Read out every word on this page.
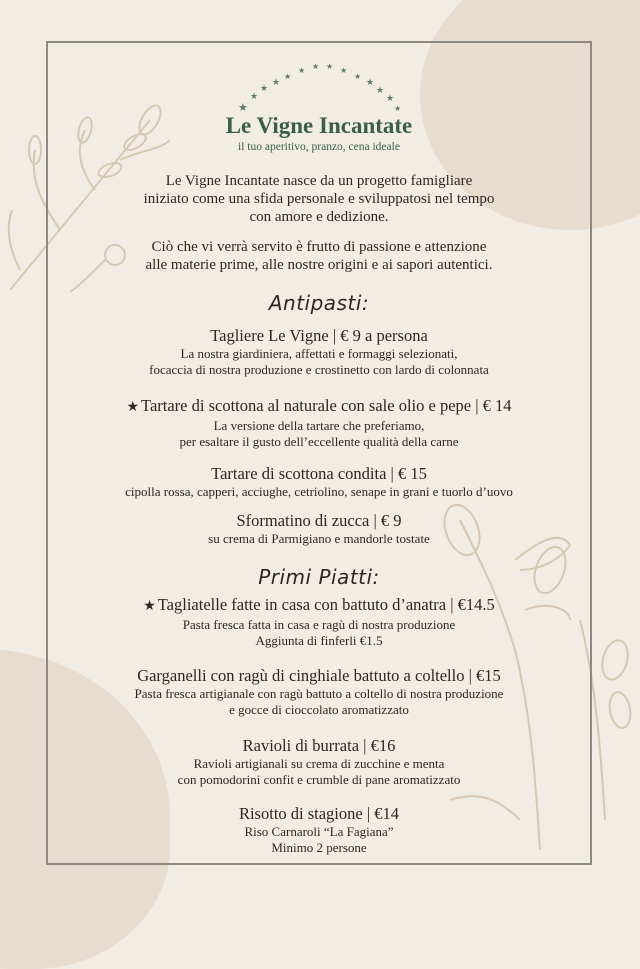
★
★
★
★
★
★ ★ ★ ★
★
★
★
★
★
Le Vigne Incantate
il tuo aperitivo, pranzo, cena ideale
Le Vigne Incantate nasce da un progetto famigliare
iniziato come una sfida personale e sviluppatosi nel tempo
con amore e dedizione.
Ciò che vi verrà servito è frutto di passione e attenzione
alle materie prime, alle nostre origini e ai sapori autentici.
Antipasti:
Tagliere Le Vigne | € 9 a persona
La nostra giardiniera, affettati e formaggi selezionati,
focaccia di nostra produzione e crostinetto con lardo di colonnata
★ Tartare di scottona al naturale con sale olio e pepe | € 14
La versione della tartare che preferiamo,
per esaltare il gusto dell’eccellente qualità della carne
Tartare di scottona condita | € 15
cipolla rossa, capperi, acciughe, cetriolino, senape in grani e tuorlo d’uovo
Sformatino di zucca | € 9
su crema di Parmigiano e mandorle tostate
Primi Piatti:
★ Tagliatelle fatte in casa con battuto d’anatra | €14.5
Pasta fresca fatta in casa e ragù di nostra produzione
Aggiunta di finferli €1.5
Garganelli con ragù di cinghiale battuto a coltello | €15
Pasta fresca artigianale con ragù battuto a coltello di nostra produzione
e gocce di cioccolato aromatizzato
Ravioli di burrata | €16
Ravioli artigianali su crema di zucchine e menta
con pomodorini confit e crumble di pane aromatizzato
Risotto di stagione | €14
Riso Carnaroli “La Fagiana”
Minimo 2 persone
